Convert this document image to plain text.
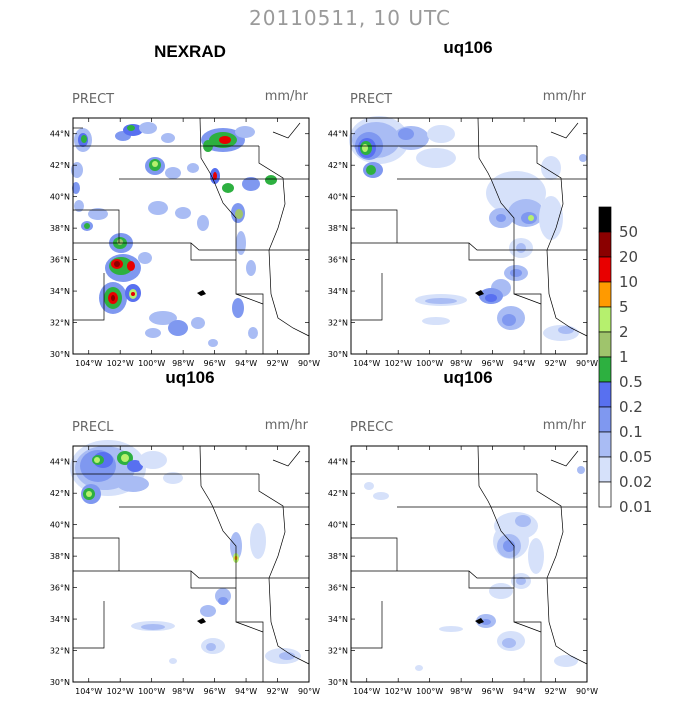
20110511, 10 UTC
NEXRAD	uq106
uq106	uq106
PRECT	mm/hr	PRECT	mm/hr
PRECL	mm/hr	PRECC	mm/hr
30°N
32°N
34°N
36°N
38°N
40°N
42°N
44°N
104°W 102°W 100°W 98°W 96°W 94°W 92°W 90°W
30°N
32°N
34°N
36°N
38°N
40°N
42°N
44°N
104°W 102°W 100°W 98°W 96°W 94°W 92°W 90°W
30°N
32°N
34°N
36°N
38°N
40°N
42°N
44°N
104°W 102°W 100°W 98°W 96°W 94°W 92°W 90°W
30°N
32°N
34°N
36°N
38°N
40°N
42°N
44°N
104°W 102°W 100°W 98°W 96°W 94°W 92°W 90°W
50
20
10
5
2
1
0.5
0.2
0.1
0.05
0.02
0.01
